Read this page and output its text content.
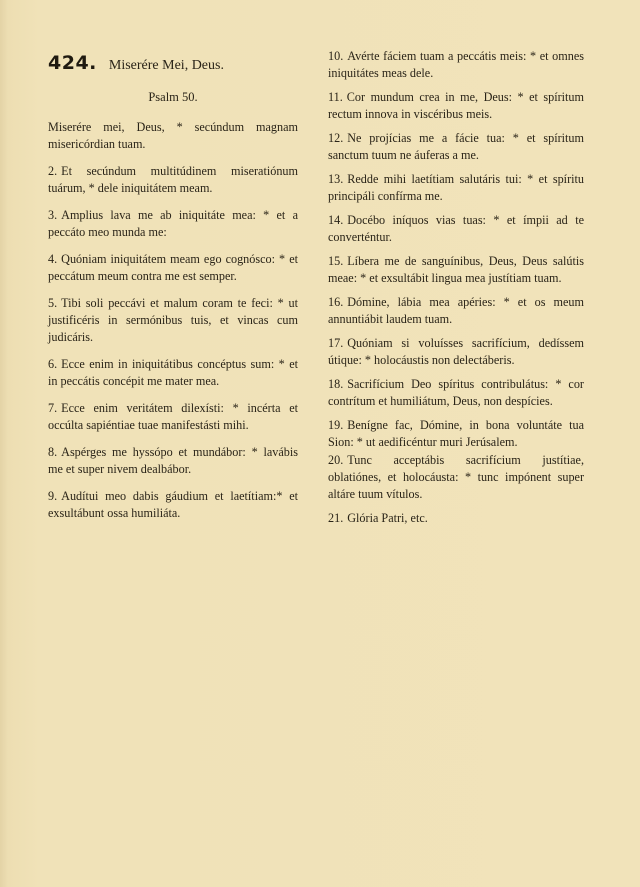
424. Miserére Mei, Deus.
Psalm 50.

Miserére mei, Deus, * secúndum magnam misericórdian tuam.

2. Et secúndum multitúdinem miseratiónum tuárum, * dele iniquitátem meam.

3. Amplius lava me ab iniquitáte mea: * et a peccáto meo munda me:

4. Quóniam iniquitátem meam ego cognósco: * et peccátum meum contra me est semper.

5. Tibi soli peccávi et malum coram te feci: * ut justificéris in sermónibus tuis, et vincas cum judicáris.

6. Ecce enim in iniquitátibus concéptus sum: * et in peccátis concépit me mater mea.

7. Ecce enim veritátem dilexísti: * incérta et occúlta sapiéntiae tuae manifestásti mihi.

8. Aspérges me hyssópo et mundábor: * lavábis me et super nivem dealbábor.

9. Audítui meo dabis gáudium et laetítiam:* et exsultábunt ossa humiliáta.

10. Avérte fáciem tuam a peccátis meis: * et omnes iniquitátes meas dele.

11. Cor mundum crea in me, Deus: * et spíritum rectum innova in viscéribus meis.

12. Ne projícias me a fácie tua: * et spíritum sanctum tuum ne áuferas a me.

13. Redde mihi laetítiam salutáris tui: * et spíritu principáli confírma me.

14. Docébo iníquos vias tuas: * et ímpii ad te converténtur.

15. Líbera me de sanguínibus, Deus, Deus salútis meae: * et exsultábit lingua mea justítiam tuam.

16. Dómine, lábia mea apéries: * et os meum annuntiábit laudem tuam.

17. Quóniam si voluísses sacrifícium, dedíssem útique: * holocáustis non delectáberis.

18. Sacrifícium Deo spíritus contribulátus: * cor contrítum et humiliátum, Deus, non despícies.

19. Benígne fac, Dómine, in bona voluntáte tua Sion: * ut aedificéntur muri Jerúsalem.

20. Tunc acceptábis sacrifícium justítiae, oblatiónes, et holocáusta: * tunc impónent super altáre tuum vítulos.

21. Glória Patri, etc.
